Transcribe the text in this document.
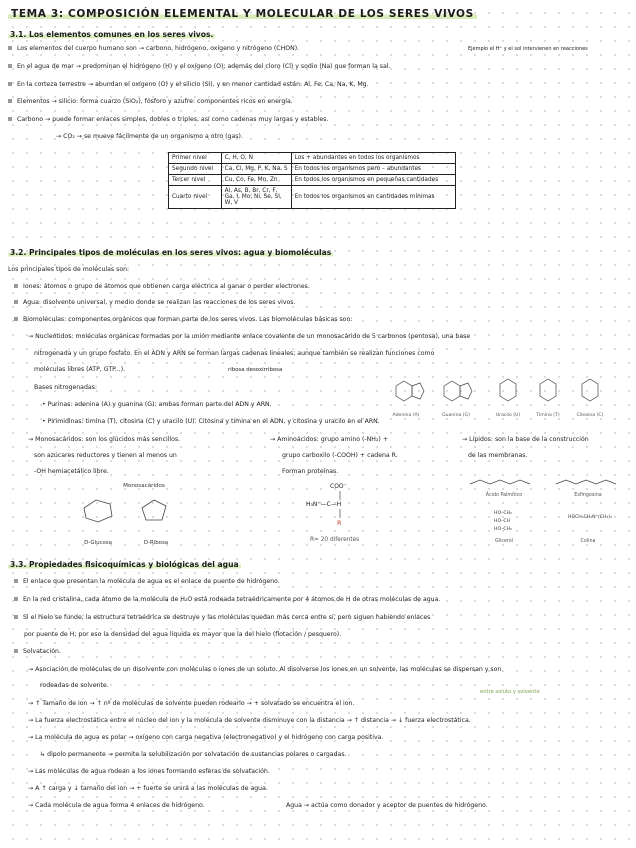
TEMA 3: COMPOSICIÓN ELEMENTAL Y MOLECULAR DE LOS SERES VIVOS
3.1. Los elementos comunes en los seres vivos.
Los elementos del cuerpo humano son → carbono, hidrógeno, oxígeno y nitrógeno (CHON).	Ejemplo el H⁺ y el sol intervienen en reacciones
En el agua de mar → predominan el hidrógeno (H) y el oxígeno (O); además del cloro (Cl) y sodio (Na) que forman la sal.
En la corteza terrestre → abundan el oxígeno (O) y el silicio (Si), y en menor cantidad están: Al, Fe, Ca, Na, K, Mg.
Elementos → silicio: forma cuarzo (SiO₂), fósforo y azufre: componentes ricos en energía.
Carbono → puede formar enlaces simples, dobles o triples, así como cadenas muy largas y estables.
→ CO₂ → se mueve fácilmente de un organismo a otro (gas).
Primer nivel	C, H, O, N	Los + abundantes en todos los organismos
Segundo nivel	Ca, Cl, Mg, P, K, Na, S	En todos los organismos pero – abundantes
Tercer nivel	Cu, Co, Fe, Mn, Zn	En todos los organismos en pequeñas cantidades
Cuarto nivel	Al, As, B, Br, Cr, F, Ga, I, Mo, Ni, Se, Si, W, V	En todos los organismos en cantidades mínimas
3.2. Principales tipos de moléculas en los seres vivos: agua y biomoléculas
Los principales tipos de moléculas son:
Iones: átomos o grupo de átomos que obtienen carga eléctrica al ganar o perder electrones.
Agua: disolvente universal, y medio donde se realizan las reacciones de los seres vivos.
Biomoléculas: componentes orgánicos que forman parte de los seres vivos. Las biomoléculas básicas son:
→ Nucleótidos: moléculas orgánicas formadas por la unión mediante enlace covalente de un monosacárido de 5 carbonos (pentosa), una base
nitrogenada y un grupo fosfato. En el ADN y ARN se forman largas cadenas lineales; aunque también se realizan funciones como
moléculas libres (ATP, GTP...).	ribosa desoxirribosa
Bases nitrogenadas:
• Purinas: adenina (A) y guanina (G); ambas forman parte del ADN y ARN.
• Pirimidinas: timina (T), citosina (C) y uracilo (U). Citosina y timina en el ADN, y citosina y uracilo en el ARN.
Adenina (A)	Guanina (G)	Uracilo (U)	Timina (T)	Citosina (C)
→ Monosacáridos: son los glúcidos más sencillos.
son azúcares reductores y tienen al menos un
-OH hemiacetálico libre.
→ Aminoácidos: grupo amino (-NH₂) +
grupo carboxilo (-COOH) + cadena R.
Forman proteínas.
→ Lípidos: son la base de la construcción
de las membranas.
Monosacáridos
D-Glucosa	D-Ribosa
COO⁻
H₃N⁺—C—H
R
R= 20 diferentes
Ácido Palmítico	Esfingosina
HO–CH₂
HO–CH
HO–CH₂
Glicerol
HOCH₂CH₂N⁺(CH₃)₃
Colina
3.3. Propiedades fisicoquímicas y biológicas del agua
El enlace que presentan la molécula de agua es el enlace de puente de hidrógeno.
En la red cristalina, cada átomo de la molécula de H₂O está rodeada tetraédricamente por 4 átomos de H de otras moléculas de agua.
Si el hielo se funde, la estructura tetraédrica se destruye y las moléculas quedan más cerca entre sí, pero siguen habiendo enlaces
por puente de H; por eso la densidad del agua líquida es mayor que la del hielo (flotación / pesquero).
Solvatación.
→ Asociación de moléculas de un disolvente con moléculas o iones de un soluto. Al disolverse los iones en un solvente, las moléculas se dispersan y son
rodeadas de solvente.
entre soluto y solvente
→ ↑ Tamaño de ion → ↑ nº de moléculas de solvente pueden rodearlo → + solvatado se encuentra el ion.
→ La fuerza electrostática entre el núcleo del ion y la molécula de solvente disminuye con la distancia → ↑ distancia → ↓ fuerza electrostática.
→ La molécula de agua es polar → oxígeno con carga negativa (electronegativo) y el hidrógeno con carga positiva.
↳ dipolo permanente → permite la solubilización por solvatación de sustancias polares o cargadas.
→ Las moléculas de agua rodean a los iones formando esferas de solvatación.
→ A ↑ carga y ↓ tamaño del ion → + fuerte se unirá a las moléculas de agua.
→ Cada molécula de agua forma 4 enlaces de hidrógeno.	Agua → actúa como donador y aceptor de puentes de hidrógeno.
